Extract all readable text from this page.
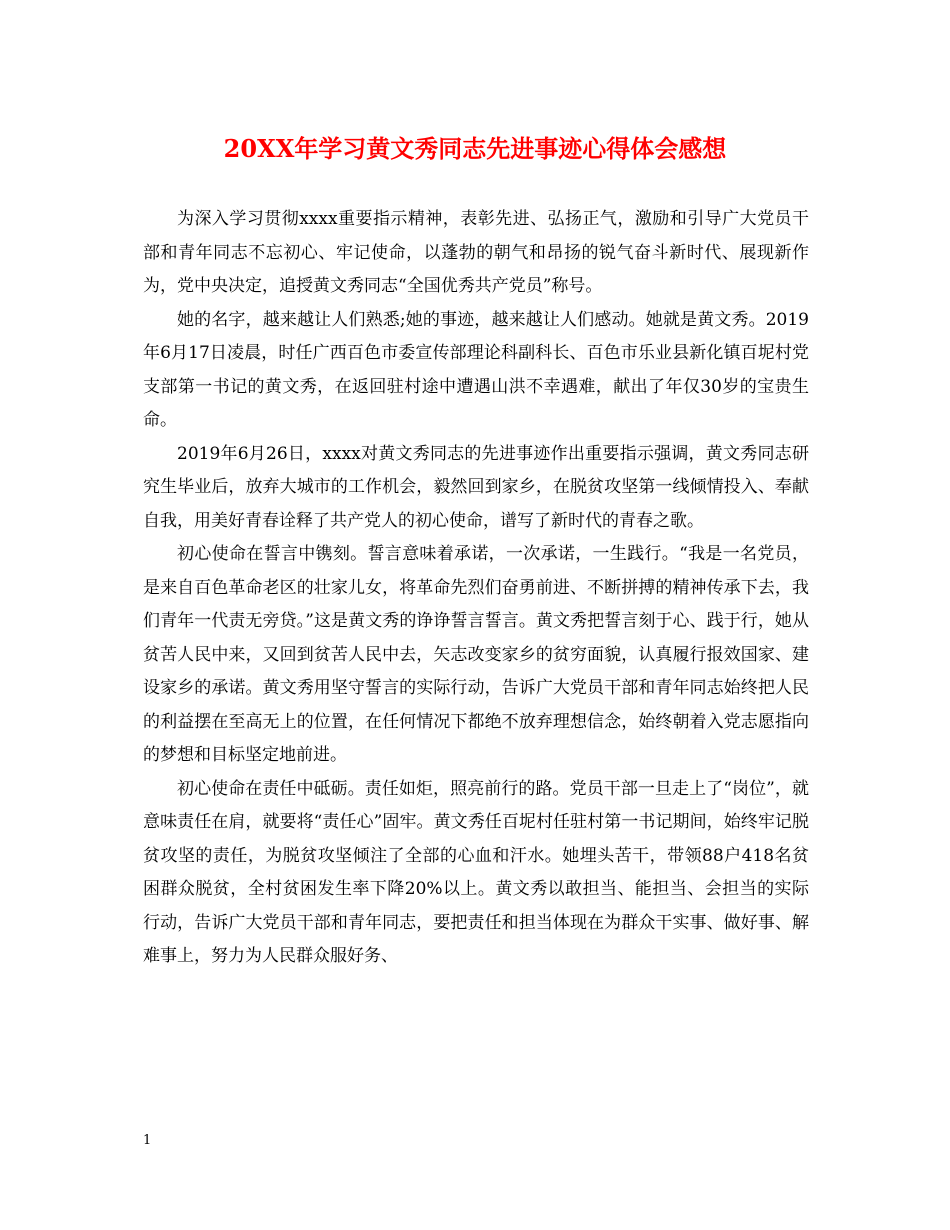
20XX年学习黄文秀同志先进事迹心得体会感想

为深入学习贯彻xxxx重要指示精神，表彰先进、弘扬正气，激励和引导广大党员干部和青年同志不忘初心、牢记使命，以蓬勃的朝气和昂扬的锐气奋斗新时代、展现新作为，党中央决定，追授黄文秀同志“全国优秀共产党员”称号。

她的名字，越来越让人们熟悉;她的事迹，越来越让人们感动。她就是黄文秀。2019年6月17日凌晨，时任广西百色市委宣传部理论科副科长、百色市乐业县新化镇百坭村党支部第一书记的黄文秀，在返回驻村途中遭遇山洪不幸遇难，献出了年仅30岁的宝贵生命。

2019年6月26日，xxxx对黄文秀同志的先进事迹作出重要指示强调，黄文秀同志研究生毕业后，放弃大城市的工作机会，毅然回到家乡，在脱贫攻坚第一线倾情投入、奉献自我，用美好青春诠释了共产党人的初心使命，谱写了新时代的青春之歌。

初心使命在誓言中镌刻。誓言意味着承诺，一次承诺，一生践行。“我是一名党员，是来自百色革命老区的壮家儿女，将革命先烈们奋勇前进、不断拼搏的精神传承下去，我们青年一代责无旁贷。”这是黄文秀的诤诤誓言誓言。黄文秀把誓言刻于心、践于行，她从贫苦人民中来，又回到贫苦人民中去，矢志改变家乡的贫穷面貌，认真履行报效国家、建设家乡的承诺。黄文秀用坚守誓言的实际行动，告诉广大党员干部和青年同志始终把人民的利益摆在至高无上的位置，在任何情况下都绝不放弃理想信念，始终朝着入党志愿指向的梦想和目标坚定地前进。

初心使命在责任中砥砺。责任如炬，照亮前行的路。党员干部一旦走上了“岗位”，就意味责任在肩，就要将“责任心”固牢。黄文秀任百坭村任驻村第一书记期间，始终牢记脱贫攻坚的责任，为脱贫攻坚倾注了全部的心血和汗水。她埋头苦干，带领88户418名贫困群众脱贫，全村贫困发生率下降20%以上。黄文秀以敢担当、能担当、会担当的实际行动，告诉广大党员干部和青年同志，要把责任和担当体现在为群众干实事、做好事、解难事上，努力为人民群众服好务、

1
